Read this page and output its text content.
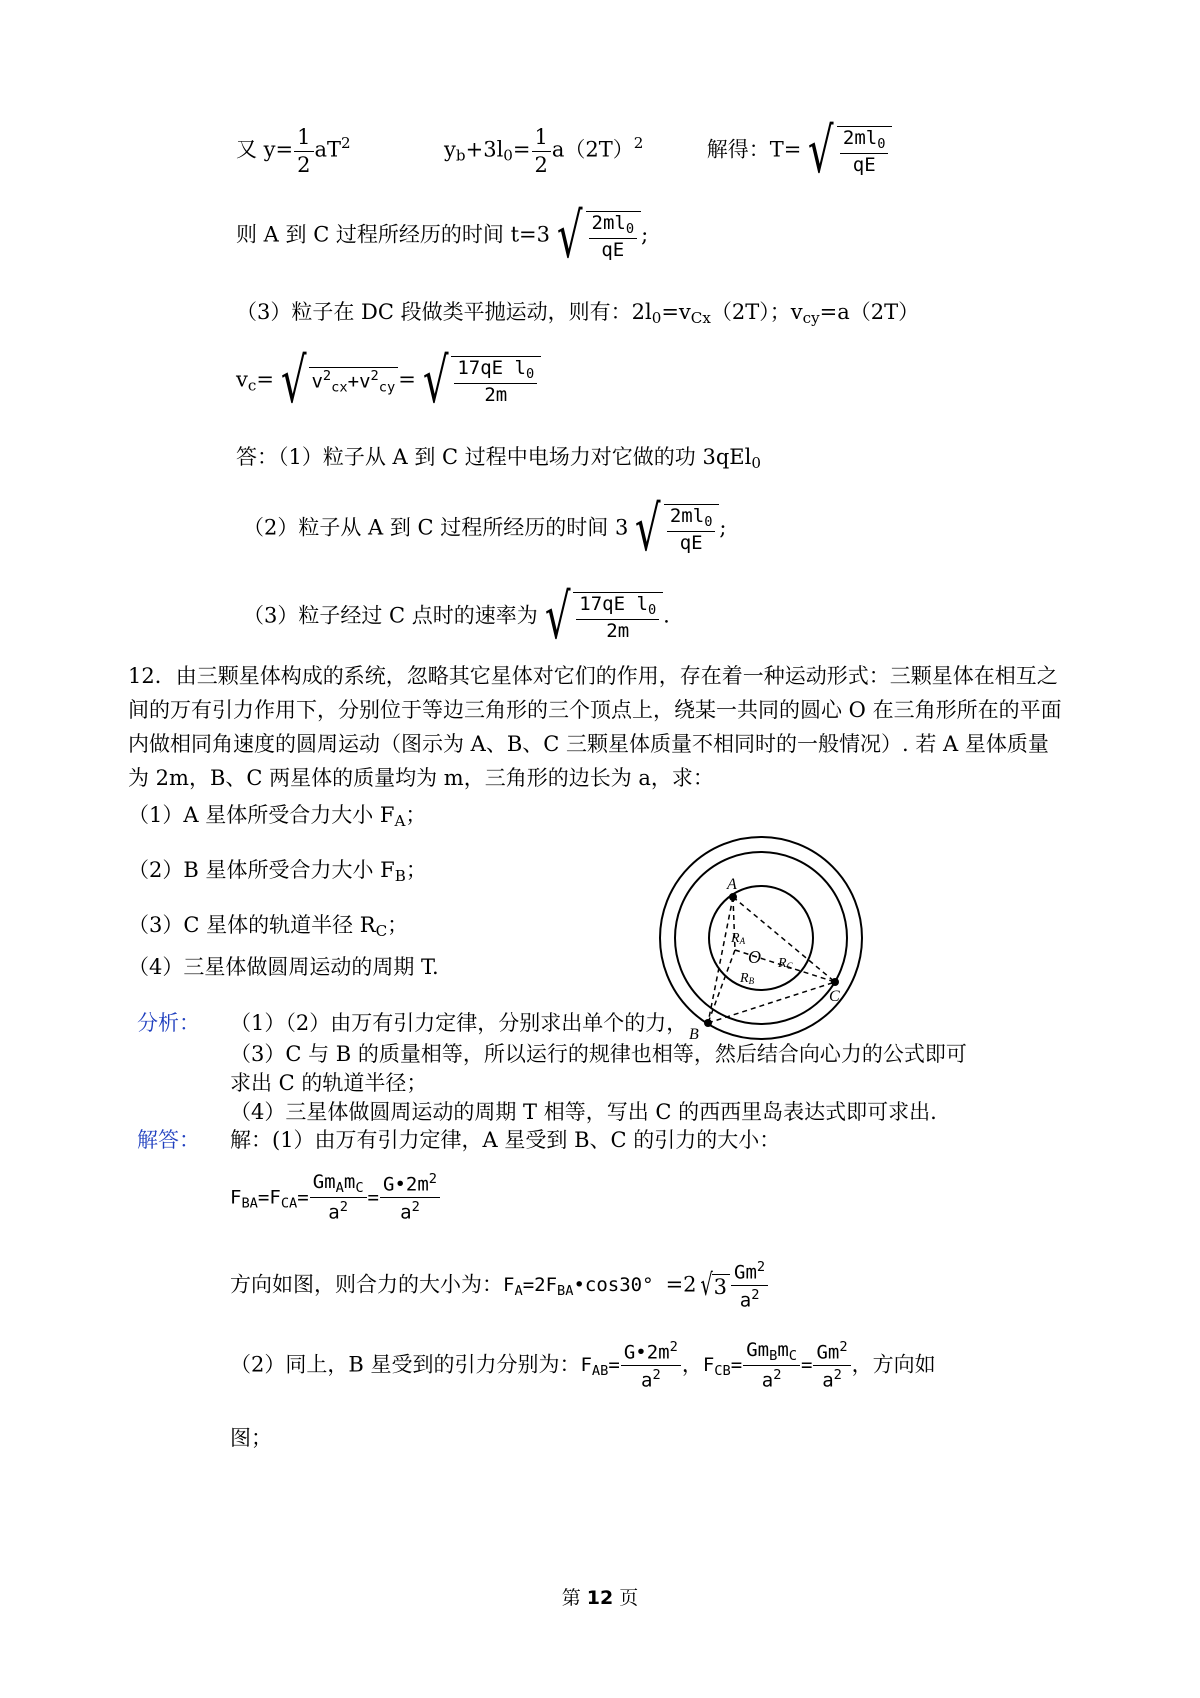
又 $y= \frac{1}{2} aT^2$	$y_b+3l_0= \frac{1}{2} a(2T)^2$	解得：T= √ $\frac{2ml_0}{qE}$
则 A 到 C 过程所经历的时间 t=3 √ $\frac{2ml_0}{qE}$ ;
（3）粒子在 DC 段做类平抛运动，则有：$2l_0=v_{Cx}(2T)$；$v_{cy}=a(2T)$
$v_c=$ √ $v^2_{cx}+v^2_{cy}$ = √ $\frac{17qE l_0}{2m}$
答：（1）粒子从 A 到 C 过程中电场力对它做的功 3qEl$_0$
（2）粒子从 A 到 C 过程所经历的时间 3 √ $\frac{2ml_0}{qE}$ ;
（3）粒子经过 C 点时的速率为 √ $\frac{17qE l_0}{2m}$ .
12．由三颗星体构成的系统，忽略其它星体对它们的作用，存在着一种运动形式：三颗星体在相互之间的万有引力作用下，分别位于等边三角形的三个顶点上，绕某一共同的圆心 O 在三角形所在的平面内做相同角速度的圆周运动（图示为 A、B、C 三颗星体质量不相同时的一般情况）. 若 A 星体质量为 2m，B、C 两星体的质量均为 m，三角形的边长为 a，求：
（1）A 星体所受合力大小 $F_A$；
（2）B 星体所受合力大小 $F_B$；
（3）C 星体的轨道半径 $R_C$；
（4）三星体做圆周运动的周期 T.
A
B
C
O
RA
RB
RC
分析： （1）（2）由万有引力定律，分别求出单个的力，
（3）C 与 B 的质量相等，所以运行的规律也相等，然后结合向心力的公式即可
求出 C 的轨道半径；
（4）三星体做圆周运动的周期 T 相等，写出 C 的西西里岛表达式即可求出.
解答： 解：(1）由万有引力定律，A 星受到 B、C 的引力的大小：
$F_{BA}=F_{CA}= \frac{Gm_Am_C}{a^2} = \frac{G•2m^2}{a^2}$
方向如图，则合力的大小为：$F_A=2F_{BA}•\cos 30^\circ =2$ √ $3 \frac{Gm^2}{a^2}$
（2）同上，B 星受到的引力分别为：$F_{AB}= \frac{G•2m^2}{a^2}$ ，$F_{CB}= \frac{Gm_Bm_C}{a^2} = \frac{Gm^2}{a^2}$ ，方向如
图；
第 12 页
